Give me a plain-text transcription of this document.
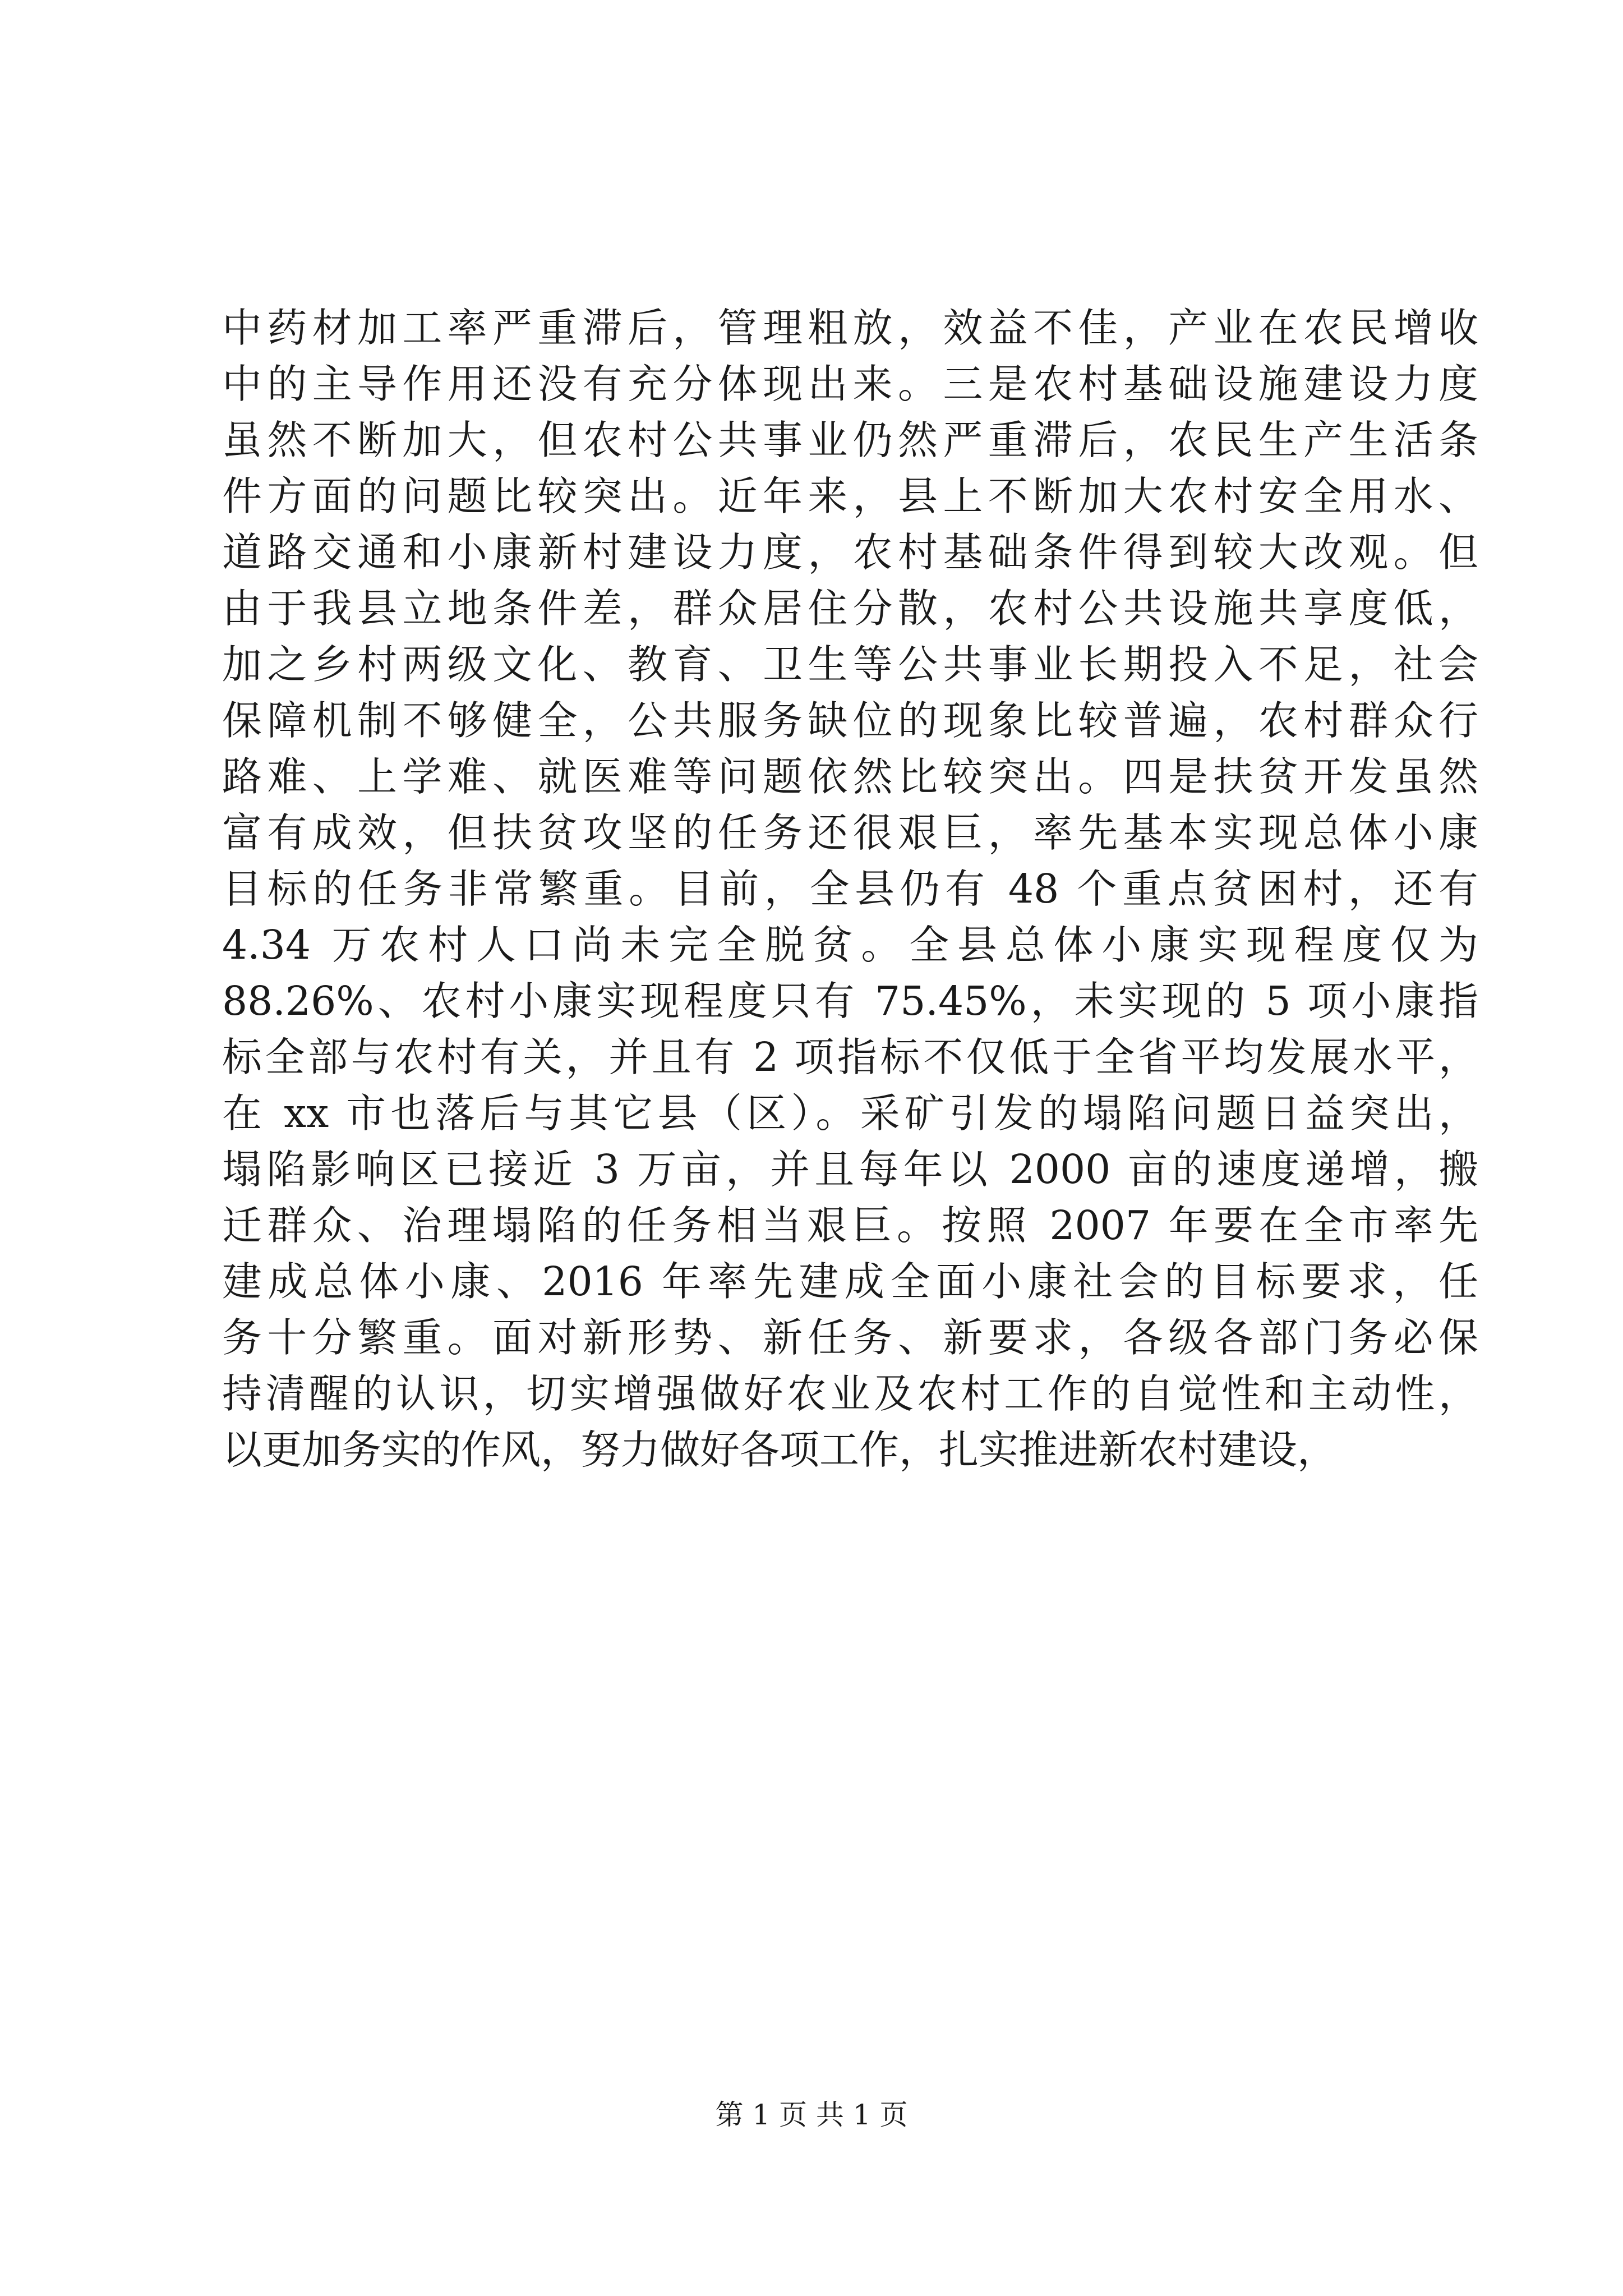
中药材加工率严重滞后，管理粗放，效益不佳，产业在农民增收
中的主导作用还没有充分体现出来。三是农村基础设施建设力度
虽然不断加大，但农村公共事业仍然严重滞后，农民生产生活条
件方面的问题比较突出。近年来，县上不断加大农村安全用水、
道路交通和小康新村建设力度，农村基础条件得到较大改观。但
由于我县立地条件差，群众居住分散，农村公共设施共享度低，
加之乡村两级文化、教育、卫生等公共事业长期投入不足，社会
保障机制不够健全，公共服务缺位的现象比较普遍，农村群众行
路难、上学难、就医难等问题依然比较突出。四是扶贫开发虽然
富有成效，但扶贫攻坚的任务还很艰巨，率先基本实现总体小康
目标的任务非常繁重。目前，全县仍有 48 个重点贫困村，还有
4.34 万农村人口尚未完全脱贫。全县总体小康实现程度仅为
88.26%、农村小康实现程度只有 75.45%，未实现的 5 项小康指
标全部与农村有关，并且有 2 项指标不仅低于全省平均发展水平，
在 xx 市也落后与其它县（区）。采矿引发的塌陷问题日益突出，
塌陷影响区已接近 3 万亩，并且每年以 2000 亩的速度递增，搬
迁群众、治理塌陷的任务相当艰巨。按照 2007 年要在全市率先
建成总体小康、2016 年率先建成全面小康社会的目标要求，任
务十分繁重。面对新形势、新任务、新要求，各级各部门务必保
持清醒的认识，切实增强做好农业及农村工作的自觉性和主动性，
以更加务实的作风，努力做好各项工作，扎实推进新农村建设，
第 1 页 共 1 页
